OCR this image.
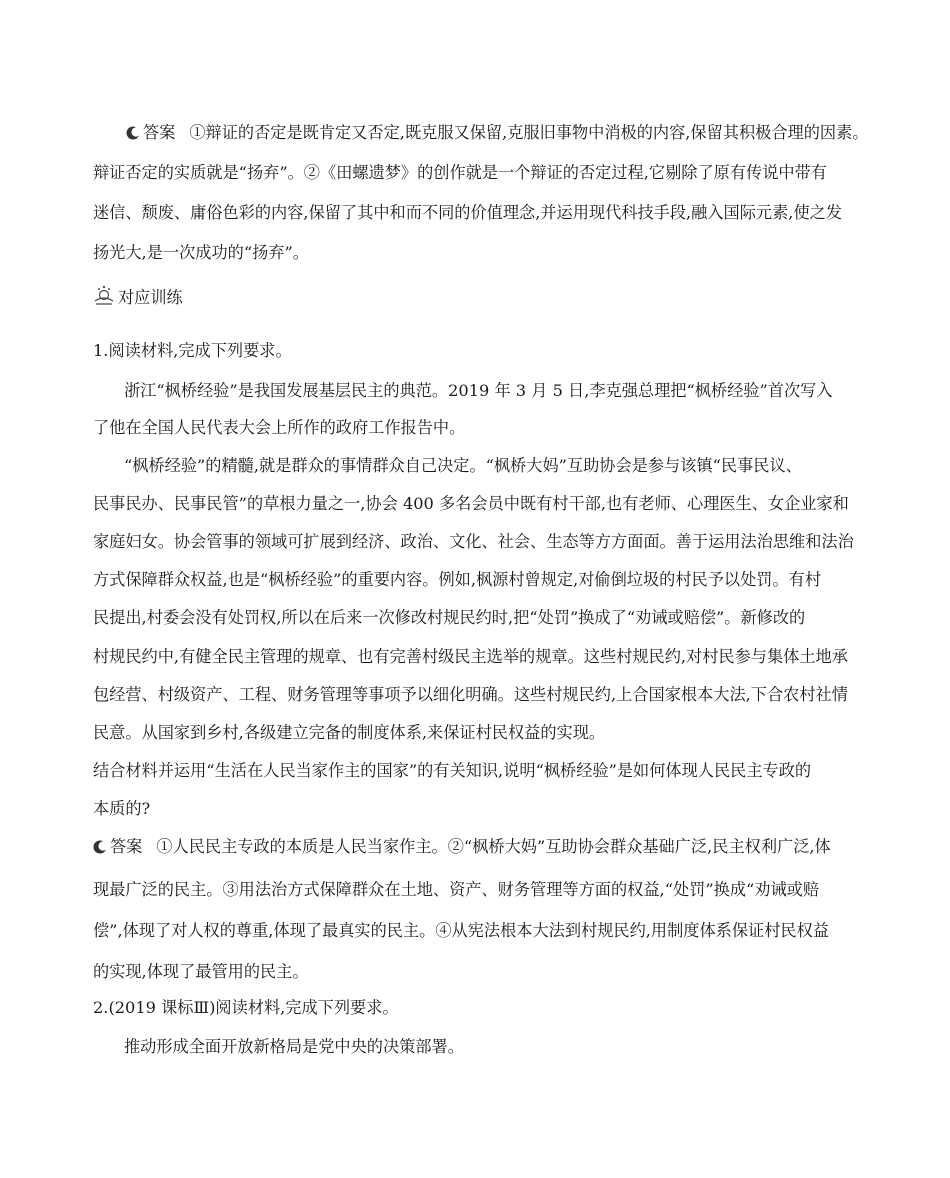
答案 ①辩证的否定是既肯定又否定,既克服又保留,克服旧事物中消极的内容,保留其积极合理的因素。
辩证否定的实质就是“扬弃”。②《田螺遗梦》的创作就是一个辩证的否定过程,它剔除了原有传说中带有
迷信、颓废、庸俗色彩的内容,保留了其中和而不同的价值理念,并运用现代科技手段,融入国际元素,使之发
扬光大,是一次成功的“扬弃”。
对应训练
1.阅读材料,完成下列要求。
浙江“枫桥经验”是我国发展基层民主的典范。2019 年 3 月 5 日,李克强总理把“枫桥经验”首次写入
了他在全国人民代表大会上所作的政府工作报告中。
“枫桥经验”的精髓,就是群众的事情群众自己决定。“枫桥大妈”互助协会是参与该镇“民事民议、
民事民办、民事民管”的草根力量之一,协会 400 多名会员中既有村干部,也有老师、心理医生、女企业家和
家庭妇女。协会管事的领域可扩展到经济、政治、文化、社会、生态等方方面面。善于运用法治思维和法治
方式保障群众权益,也是“枫桥经验”的重要内容。例如,枫源村曾规定,对偷倒垃圾的村民予以处罚。有村
民提出,村委会没有处罚权,所以在后来一次修改村规民约时,把“处罚”换成了“劝诫或赔偿”。新修改的
村规民约中,有健全民主管理的规章、也有完善村级民主选举的规章。这些村规民约,对村民参与集体土地承
包经营、村级资产、工程、财务管理等事项予以细化明确。这些村规民约,上合国家根本大法,下合农村社情
民意。从国家到乡村,各级建立完备的制度体系,来保证村民权益的实现。
结合材料并运用“生活在人民当家作主的国家”的有关知识,说明“枫桥经验”是如何体现人民民主专政的
本质的?
答案 ①人民民主专政的本质是人民当家作主。②“枫桥大妈”互助协会群众基础广泛,民主权利广泛,体
现最广泛的民主。③用法治方式保障群众在土地、资产、财务管理等方面的权益,“处罚”换成“劝诫或赔
偿”,体现了对人权的尊重,体现了最真实的民主。④从宪法根本大法到村规民约,用制度体系保证村民权益
的实现,体现了最管用的民主。
2.(2019 课标Ⅲ)阅读材料,完成下列要求。
推动形成全面开放新格局是党中央的决策部署。
